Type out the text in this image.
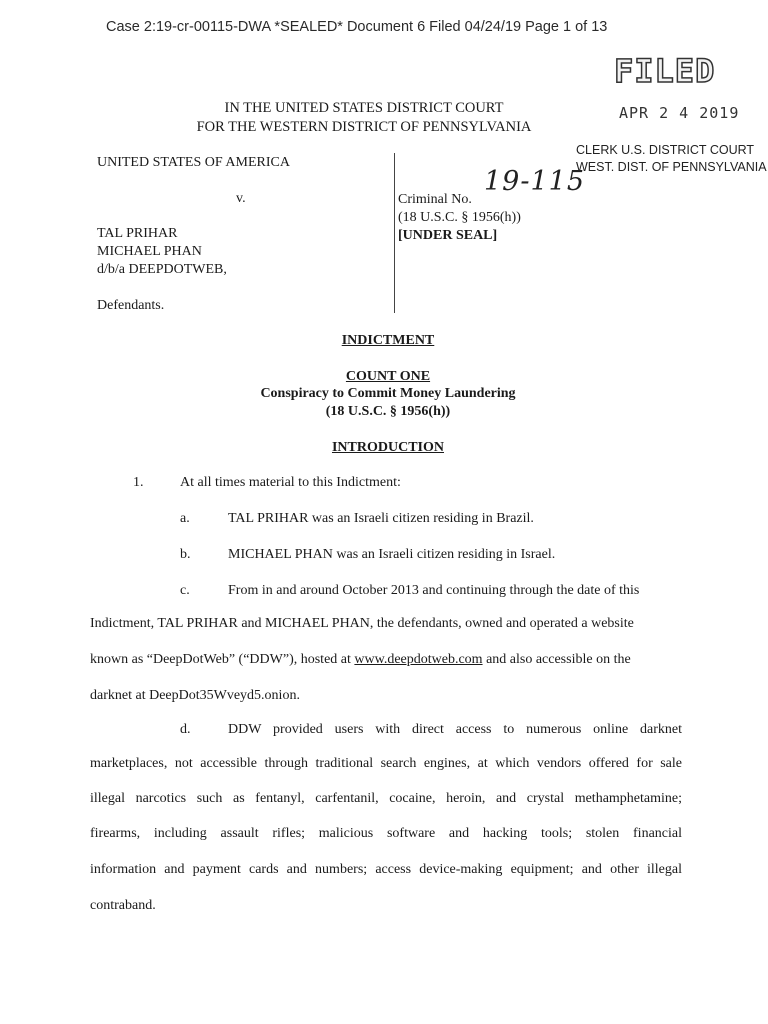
Case 2:19-cr-00115-DWA *SEALED* Document 6 Filed 04/24/19 Page 1 of 13
FILED
APR 2 4 2019
CLERK U.S. DISTRICT COURT
WEST. DIST. OF PENNSYLVANIA
IN THE UNITED STATES DISTRICT COURT
FOR THE WESTERN DISTRICT OF PENNSYLVANIA
UNITED STATES OF AMERICA
v.
TAL PRIHAR
MICHAEL PHAN
d/b/a DEEPDOTWEB,
Defendants.
Criminal No.
19-115
(18 U.S.C. § 1956(h))
[UNDER SEAL]
INDICTMENT
COUNT ONE
Conspiracy to Commit Money Laundering
(18 U.S.C. § 1956(h))
INTRODUCTION
1.	At all times material to this Indictment:
a.	TAL PRIHAR was an Israeli citizen residing in Brazil.
b.	MICHAEL PHAN was an Israeli citizen residing in Israel.
c.	From in and around October 2013 and continuing through the date of this
Indictment, TAL PRIHAR and MICHAEL PHAN, the defendants, owned and operated a website
known as “DeepDotWeb” (“DDW”), hosted at www.deepdotweb.com and also accessible on the
darknet at DeepDot35Wveyd5.onion.
d.	DDW provided users with direct access to numerous online darknet
marketplaces, not accessible through traditional search engines, at which vendors offered for sale
illegal narcotics such as fentanyl, carfentanil, cocaine, heroin, and crystal methamphetamine;
firearms, including assault rifles; malicious software and hacking tools; stolen financial
information and payment cards and numbers; access device-making equipment; and other illegal
contraband.
